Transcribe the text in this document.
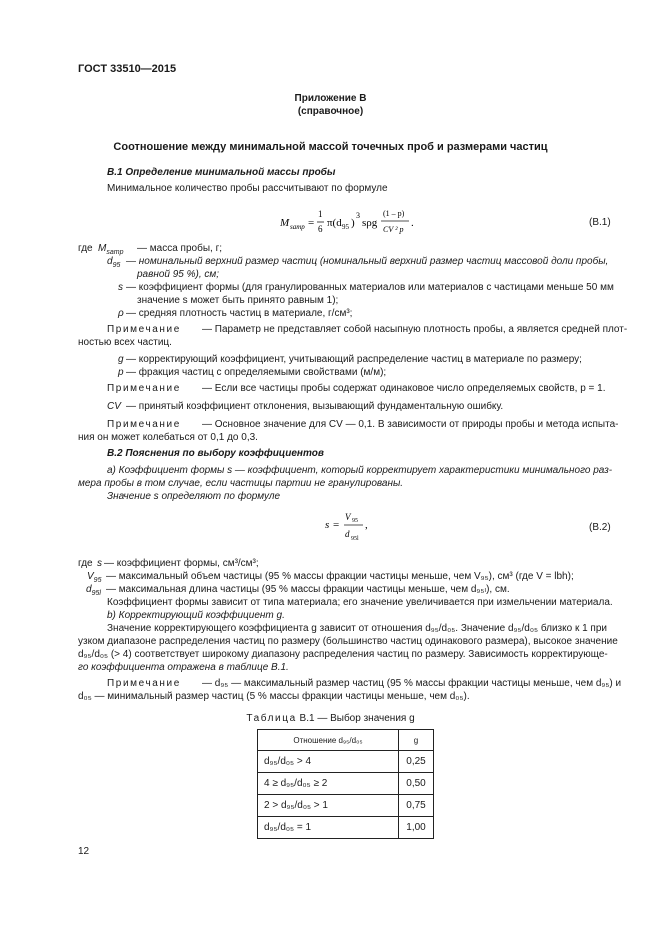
ГОСТ 33510—2015
Приложение В
(справочное)
Соотношение между минимальной массой точечных проб и размерами частиц
В.1 Определение минимальной массы пробы
Минимальное количество пробы рассчитывают по формуле
M samp =
1
6 π(d 95 )
3
sρg
(1 – p)
CV ² p
.	(В.1)
где $M_{samp}$ — масса пробы, г;
$d_{95}$ — номинальный верхний размер частиц (номинальный верхний размер частиц массовой доли пробы,
равной 95 %), см;
s — коэффициент формы (для гранулированных материалов или материалов с частицами меньше 50 мм
значение s может быть принято равным 1);
ρ — средняя плотность частиц в материале, г/см³;
Примечание — Параметр не представляет собой насыпную плотность пробы, а является средней плот-
ностью всех частиц.
g — корректирующий коэффициент, учитывающий распределение частиц в материале по размеру;
p — фракция частиц с определяемыми свойствами (м/м);
Примечание — Если все частицы пробы содержат одинаковое число определяемых свойств, p = 1.
CV — принятый коэффициент отклонения, вызывающий фундаментальную ошибку.
Примечание — Основное значение для CV — 0,1. В зависимости от природы пробы и метода испыта-
ния он может колебаться от 0,1 до 0,3.
В.2 Пояснения по выбору коэффициентов
а) Коэффициент формы s — коэффициент, который корректирует характеристики минимального раз-
мера пробы в том случае, если частицы партии не гранулированы.
Значение s определяют по формуле
s =
V 95
d 95l
,	(В.2)
где s — коэффициент формы, см³/см³;
$V_{95}$ — максимальный объем частицы (95 % массы фракции частицы меньше, чем V₉₅), см³ (где V = lbh);
$d_{95l}$ — максимальная длина частицы (95 % массы фракции частицы меньше, чем d₉₅ₗ), см.
Коэффициент формы зависит от типа материала; его значение увеличивается при измельчении материала.
b) Корректирующий коэффициент g.
Значение корректирующего коэффициента g зависит от отношения d₉₅/d₀₅. Значение d₉₅/d₀₅ близко к 1 при
узком диапазоне распределения частиц по размеру (большинство частиц одинакового размера), высокое значение
d₉₅/d₀₅ (> 4) соответствует широкому диапазону распределения частиц по размеру. Зависимость корректирующе-
го коэффициента отражена в таблице В.1.
Примечание — d₉₅ — максимальный размер частиц (95 % массы фракции частицы меньше, чем d₉₅) и
d₀₅ — минимальный размер частиц (5 % массы фракции частицы меньше, чем d₀₅).
Таблица В.1 — Выбор значения g
Отношение d₉₅/d₀₅	g
d₉₅/d₀₅ > 4	0,25
4 ≥ d₉₅/d₀₅ ≥ 2	0,50
2 > d₉₅/d₀₅ > 1	0,75
d₉₅/d₀₅ = 1	1,00
12
